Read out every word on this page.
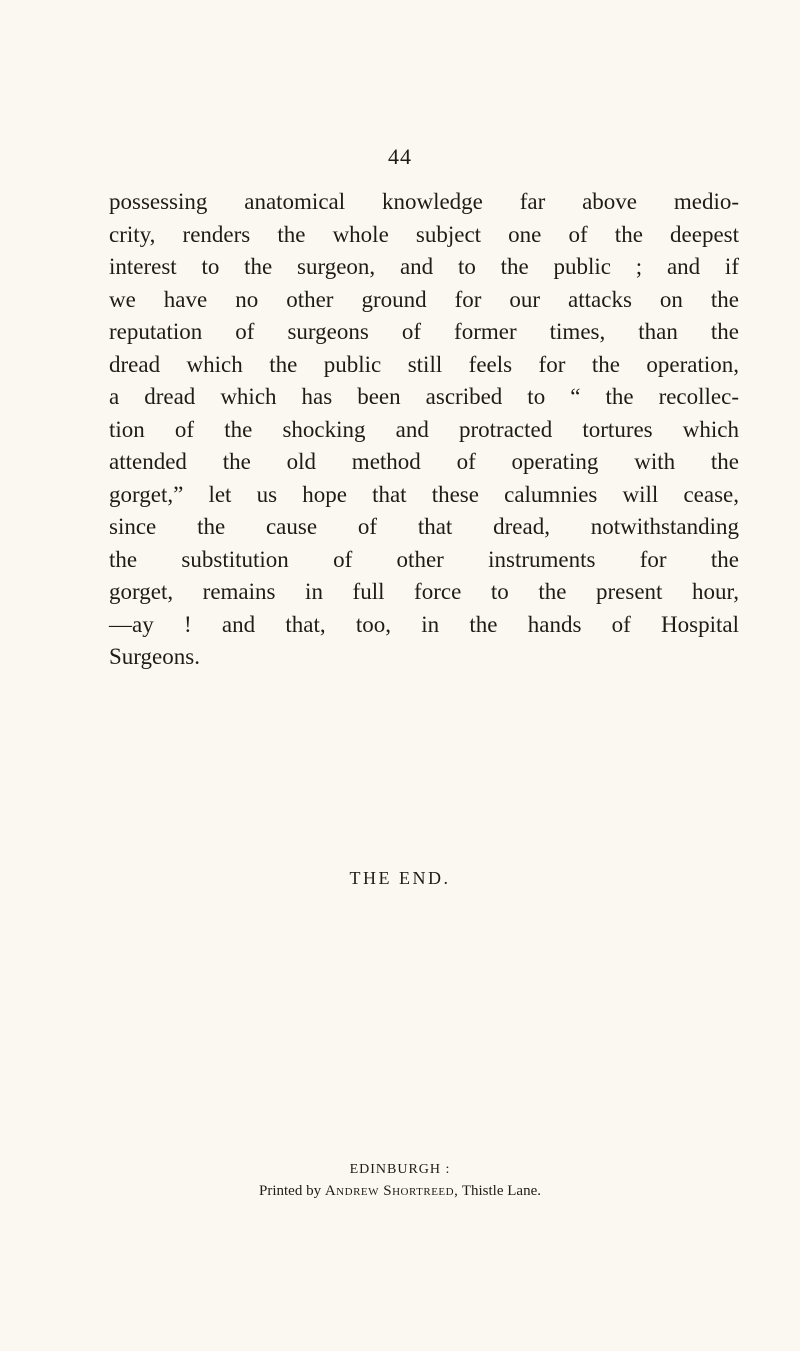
44
possessing anatomical knowledge far above medio-
crity, renders the whole subject one of the deepest
interest to the surgeon, and to the public ; and if
we have no other ground for our attacks on the
reputation of surgeons of former times, than the
dread which the public still feels for the operation,
a dread which has been ascribed to “ the recollec-
tion of the shocking and protracted tortures which
attended the old method of operating with the
gorget,” let us hope that these calumnies will cease,
since the cause of that dread, notwithstanding
the substitution of other instruments for the
gorget, remains in full force to the present hour,
—ay ! and that, too, in the hands of Hospital
Surgeons.
THE END.
EDINBURGH :
Printed by Andrew Shortreed, Thistle Lane.
